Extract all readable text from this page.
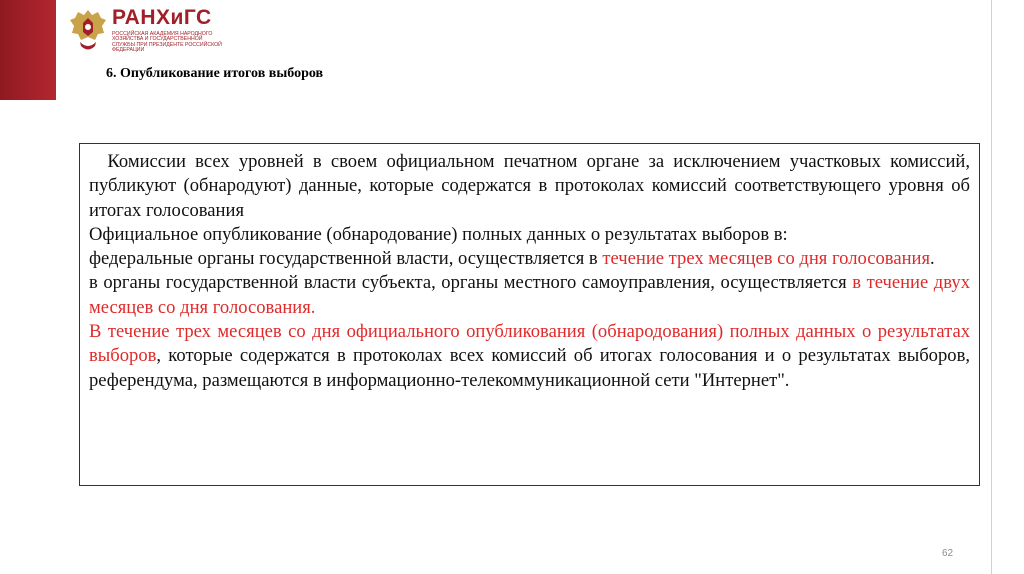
РАНХиГС
РОССИЙСКАЯ АКАДЕМИЯ НАРОДНОГО ХОЗЯЙСТВА И ГОСУДАРСТВЕННОЙ СЛУЖБЫ ПРИ ПРЕЗИДЕНТЕ РОССИЙСКОЙ ФЕДЕРАЦИИ
6. Опубликование итогов выборов

Комиссии всех уровней в своем официальном печатном органе за исключением участковых комиссий, публикуют (обнародуют) данные, которые содержатся в протоколах комиссий соответствующего уровня об итогах голосования

Официальное опубликование (обнародование) полных данных о результатах выборов в:

федеральные органы государственной власти, осуществляется в течение трех месяцев со дня голосования.

в органы государственной власти субъекта, органы местного самоуправления, осуществляется в течение двух месяцев со дня голосования.

В течение трех месяцев со дня официального опубликования (обнародования) полных данных о результатах выборов, которые содержатся в протоколах всех комиссий об итогах голосования и о результатах выборов, референдума, размещаются в информационно-телекоммуникационной сети "Интернет".

62
